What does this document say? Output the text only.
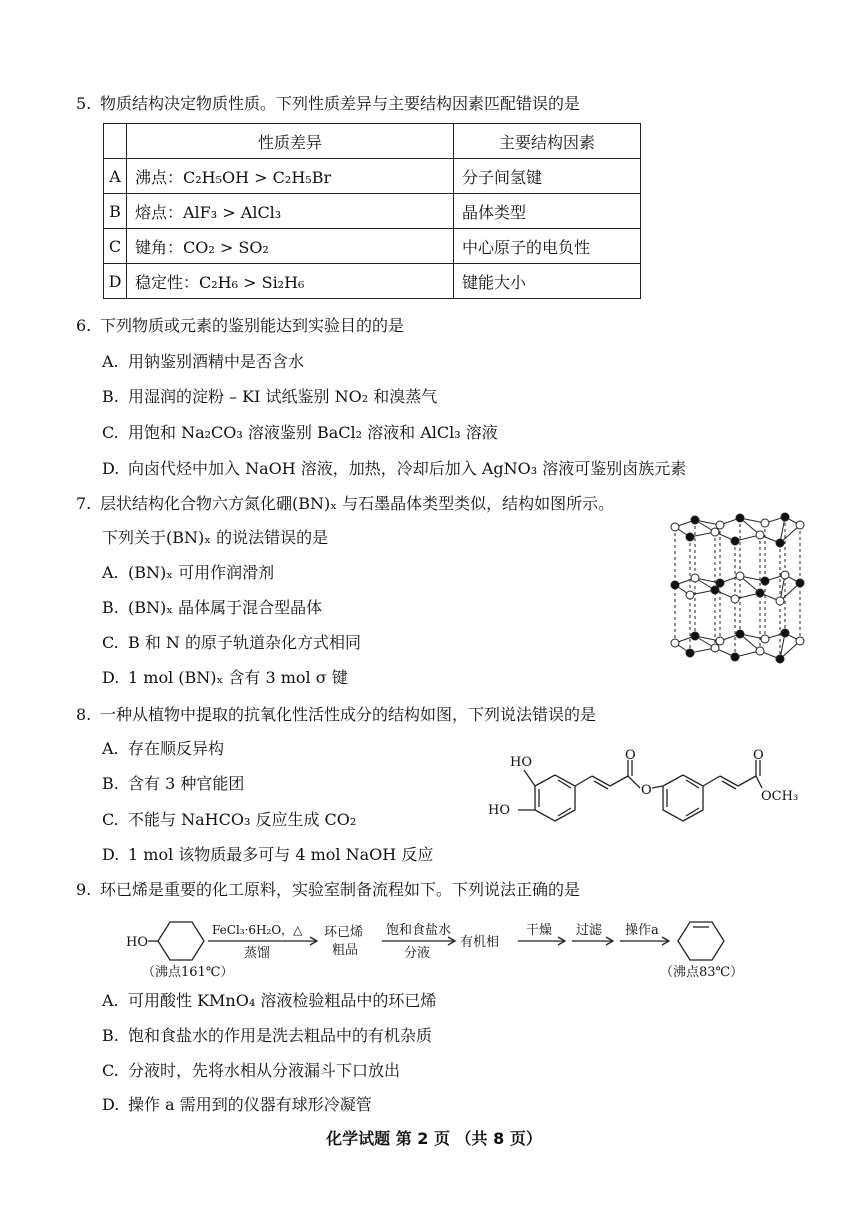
5. 物质结构决定物质性质。下列性质差异与主要结构因素匹配错误的是
	性质差异	主要结构因素
A	沸点：C₂H₅OH > C₂H₅Br	分子间氢键
B	熔点：AlF₃ > AlCl₃	晶体类型
C	键角：CO₂ > SO₂	中心原子的电负性
D	稳定性：C₂H₆ > Si₂H₆	键能大小
6. 下列物质或元素的鉴别能达到实验目的的是
A. 用钠鉴别酒精中是否含水
B. 用湿润的淀粉 – KI 试纸鉴别 NO₂ 和溴蒸气
C. 用饱和 Na₂CO₃ 溶液鉴别 BaCl₂ 溶液和 AlCl₃ 溶液
D. 向卤代烃中加入 NaOH 溶液，加热，冷却后加入 AgNO₃ 溶液可鉴别卤族元素
7. 层状结构化合物六方氮化硼(BN)ₓ 与石墨晶体类型类似，结构如图所示。
下列关于(BN)ₓ 的说法错误的是
A. (BN)ₓ 可用作润滑剂
B. (BN)ₓ 晶体属于混合型晶体
C. B 和 N 的原子轨道杂化方式相同
D. 1 mol (BN)ₓ 含有 3 mol σ 键
8. 一种从植物中提取的抗氧化性活性成分的结构如图，下列说法错误的是
A. 存在顺反异构
B. 含有 3 种官能团
C. 不能与 NaHCO₃ 反应生成 CO₂
D. 1 mol 该物质最多可与 4 mol NaOH 反应
HO
HO
O
O
O
OCH₃
9. 环已烯是重要的化工原料，实验室制备流程如下。下列说法正确的是
HO
（沸点161℃）
FeCl₃·6H₂O，△
蒸馏
环已烯
粗品
饱和食盐水
分液
有机相
干燥 过滤 操作a
（沸点83℃）
A. 可用酸性 KMnO₄ 溶液检验粗品中的环已烯
B. 饱和食盐水的作用是洗去粗品中的有机杂质
C. 分液时，先将水相从分液漏斗下口放出
D. 操作 a 需用到的仪器有球形冷凝管
化学试题 第 2 页 （共 8 页）
